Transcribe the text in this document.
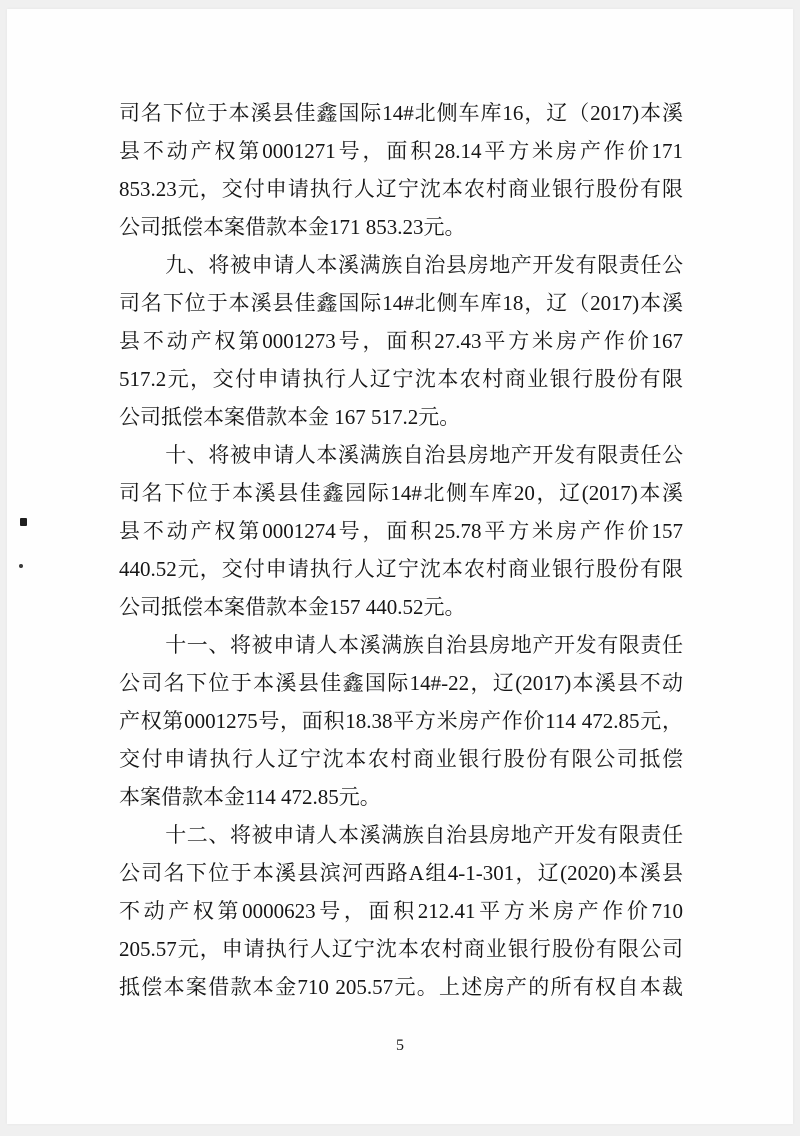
司名下位于本溪县佳鑫国际14#北侧车库16，辽（2017)本溪
县不动产权第0001271号，面积28.14平方米房产作价171
853.23元，交付申请执行人辽宁沈本农村商业银行股份有限
公司抵偿本案借款本金171 853.23元。
九、将被申请人本溪满族自治县房地产开发有限责任公
司名下位于本溪县佳鑫国际14#北侧车库18，辽（2017)本溪
县不动产权第0001273号，面积27.43平方米房产作价167
517.2元，交付申请执行人辽宁沈本农村商业银行股份有限
公司抵偿本案借款本金 167 517.2元。
十、将被申请人本溪满族自治县房地产开发有限责任公
司名下位于本溪县佳鑫园际14#北侧车库20，辽(2017)本溪
县不动产权第0001274号，面积25.78平方米房产作价157
440.52元，交付申请执行人辽宁沈本农村商业银行股份有限
公司抵偿本案借款本金157 440.52元。
十一、将被申请人本溪满族自治县房地产开发有限责任
公司名下位于本溪县佳鑫国际14#-22，辽(2017)本溪县不动
产权第0001275号，面积18.38平方米房产作价114 472.85元，
交付申请执行人辽宁沈本农村商业银行股份有限公司抵偿
本案借款本金114 472.85元。
十二、将被申请人本溪满族自治县房地产开发有限责任
公司名下位于本溪县滨河西路A组4-1-301，辽(2020)本溪县
不动产权第0000623号，面积212.41平方米房产作价710
205.57元，申请执行人辽宁沈本农村商业银行股份有限公司
抵偿本案借款本金710 205.57元。上述房产的所有权自本裁
5
